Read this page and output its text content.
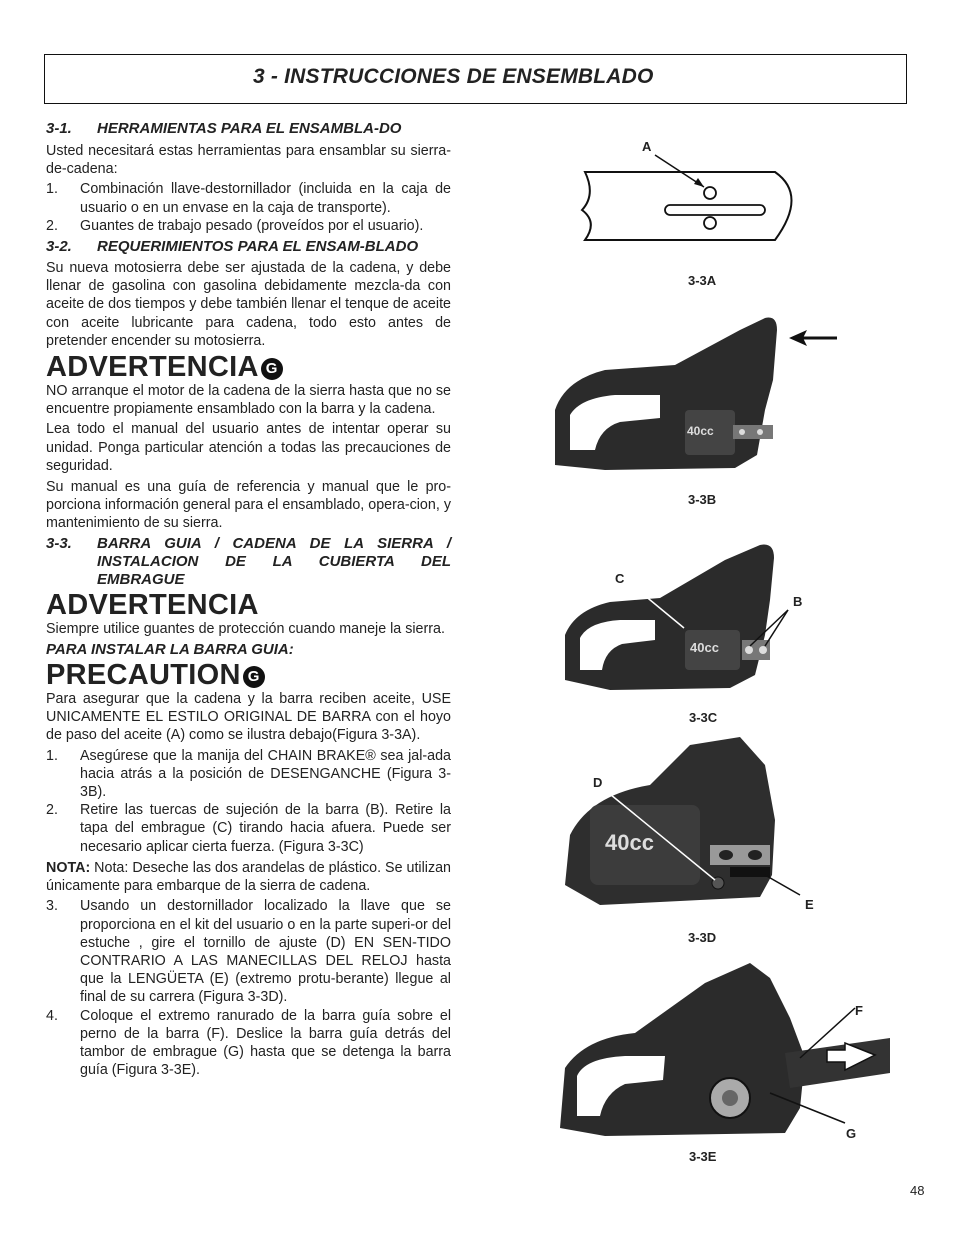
3 - INSTRUCCIONES DE ENSEMBLADO
3-1.	HERRAMIENTAS PARA EL ENSAMBLA-DO

Usted necesitará estas herramientas para ensamblar su sierra-de-cadena:

1.	Combinación llave-destornillador (incluida en la caja de usuario o en un envase en la caja de transporte).
2.	Guantes de trabajo pesado (proveídos por el usuario).
3-2.	REQUERIMIENTOS PARA EL ENSAM-BLADO

Su nueva motosierra debe ser ajustada de la cadena, y debe llenar de gasolina con gasolina debidamente mezcla-da con aceite de dos tiempos y debe también llenar el tenque de aceite con aceite lubricante para cadena, todo esto antes de pretender encender su motosierra.

ADVERTENCIA G

NO arranque el motor de la cadena de la sierra hasta que no se encuentre propiamente ensamblado con la barra y la cadena.

Lea todo el manual del usuario antes de intentar operar su unidad. Ponga particular atención a todas las precauciones de seguridad.

Su manual es una guía de referencia y manual que le pro-porciona información general para el ensamblado, opera-cion, y mantenimiento de su sierra.

3-3.	BARRA GUIA / CADENA DE LA SIERRA / INSTALACION DE LA CUBIERTA DEL EMBRAGUE
ADVERTENCIA

Siempre utilice guantes de protección cuando maneje la sierra.

PARA INSTALAR LA BARRA GUIA:
PRECAUTION G

Para asegurar que la cadena y la barra reciben aceite, USE UNICAMENTE EL ESTILO ORIGINAL DE BARRA con el hoyo de paso del aceite (A) como se ilustra debajo(Figura 3-3A).

1.	Asegúrese que la manija del CHAIN BRAKE® sea jal-ada hacia atrás a la posición de DESENGANCHE (Figura 3-3B).
2.	Retire las tuercas de sujeción de la barra (B). Retire la tapa del embrague (C) tirando hacia afuera. Puede ser necesario aplicar cierta fuerza. (Figura 3-3C)

NOTA: Nota: Deseche las dos arandelas de plástico. Se utilizan únicamente para embarque de la sierra de cadena.

3.	Usando un destornillador localizado la llave que se proporciona en el kit del usuario o en la parte superi-or del estuche , gire el tornillo de ajuste (D) EN SEN-TIDO CONTRARIO A LAS MANECILLAS DEL RELOJ hasta que la LENGÜETA (E) (extremo protu-berante) llegue al final de su carrera (Figura 3-3D).
4.	Coloque el extremo ranurado de la barra guía sobre el perno de la barra (F). Deslice la barra guía detrás del tambor de embrague (G) hasta que se detenga la barra guía (Figura 3-3E).
A
3-3A
40cc
3-3B
40cc
C
B
3-3C
40cc
D
E
3-3D
F
G
3-3E
48
